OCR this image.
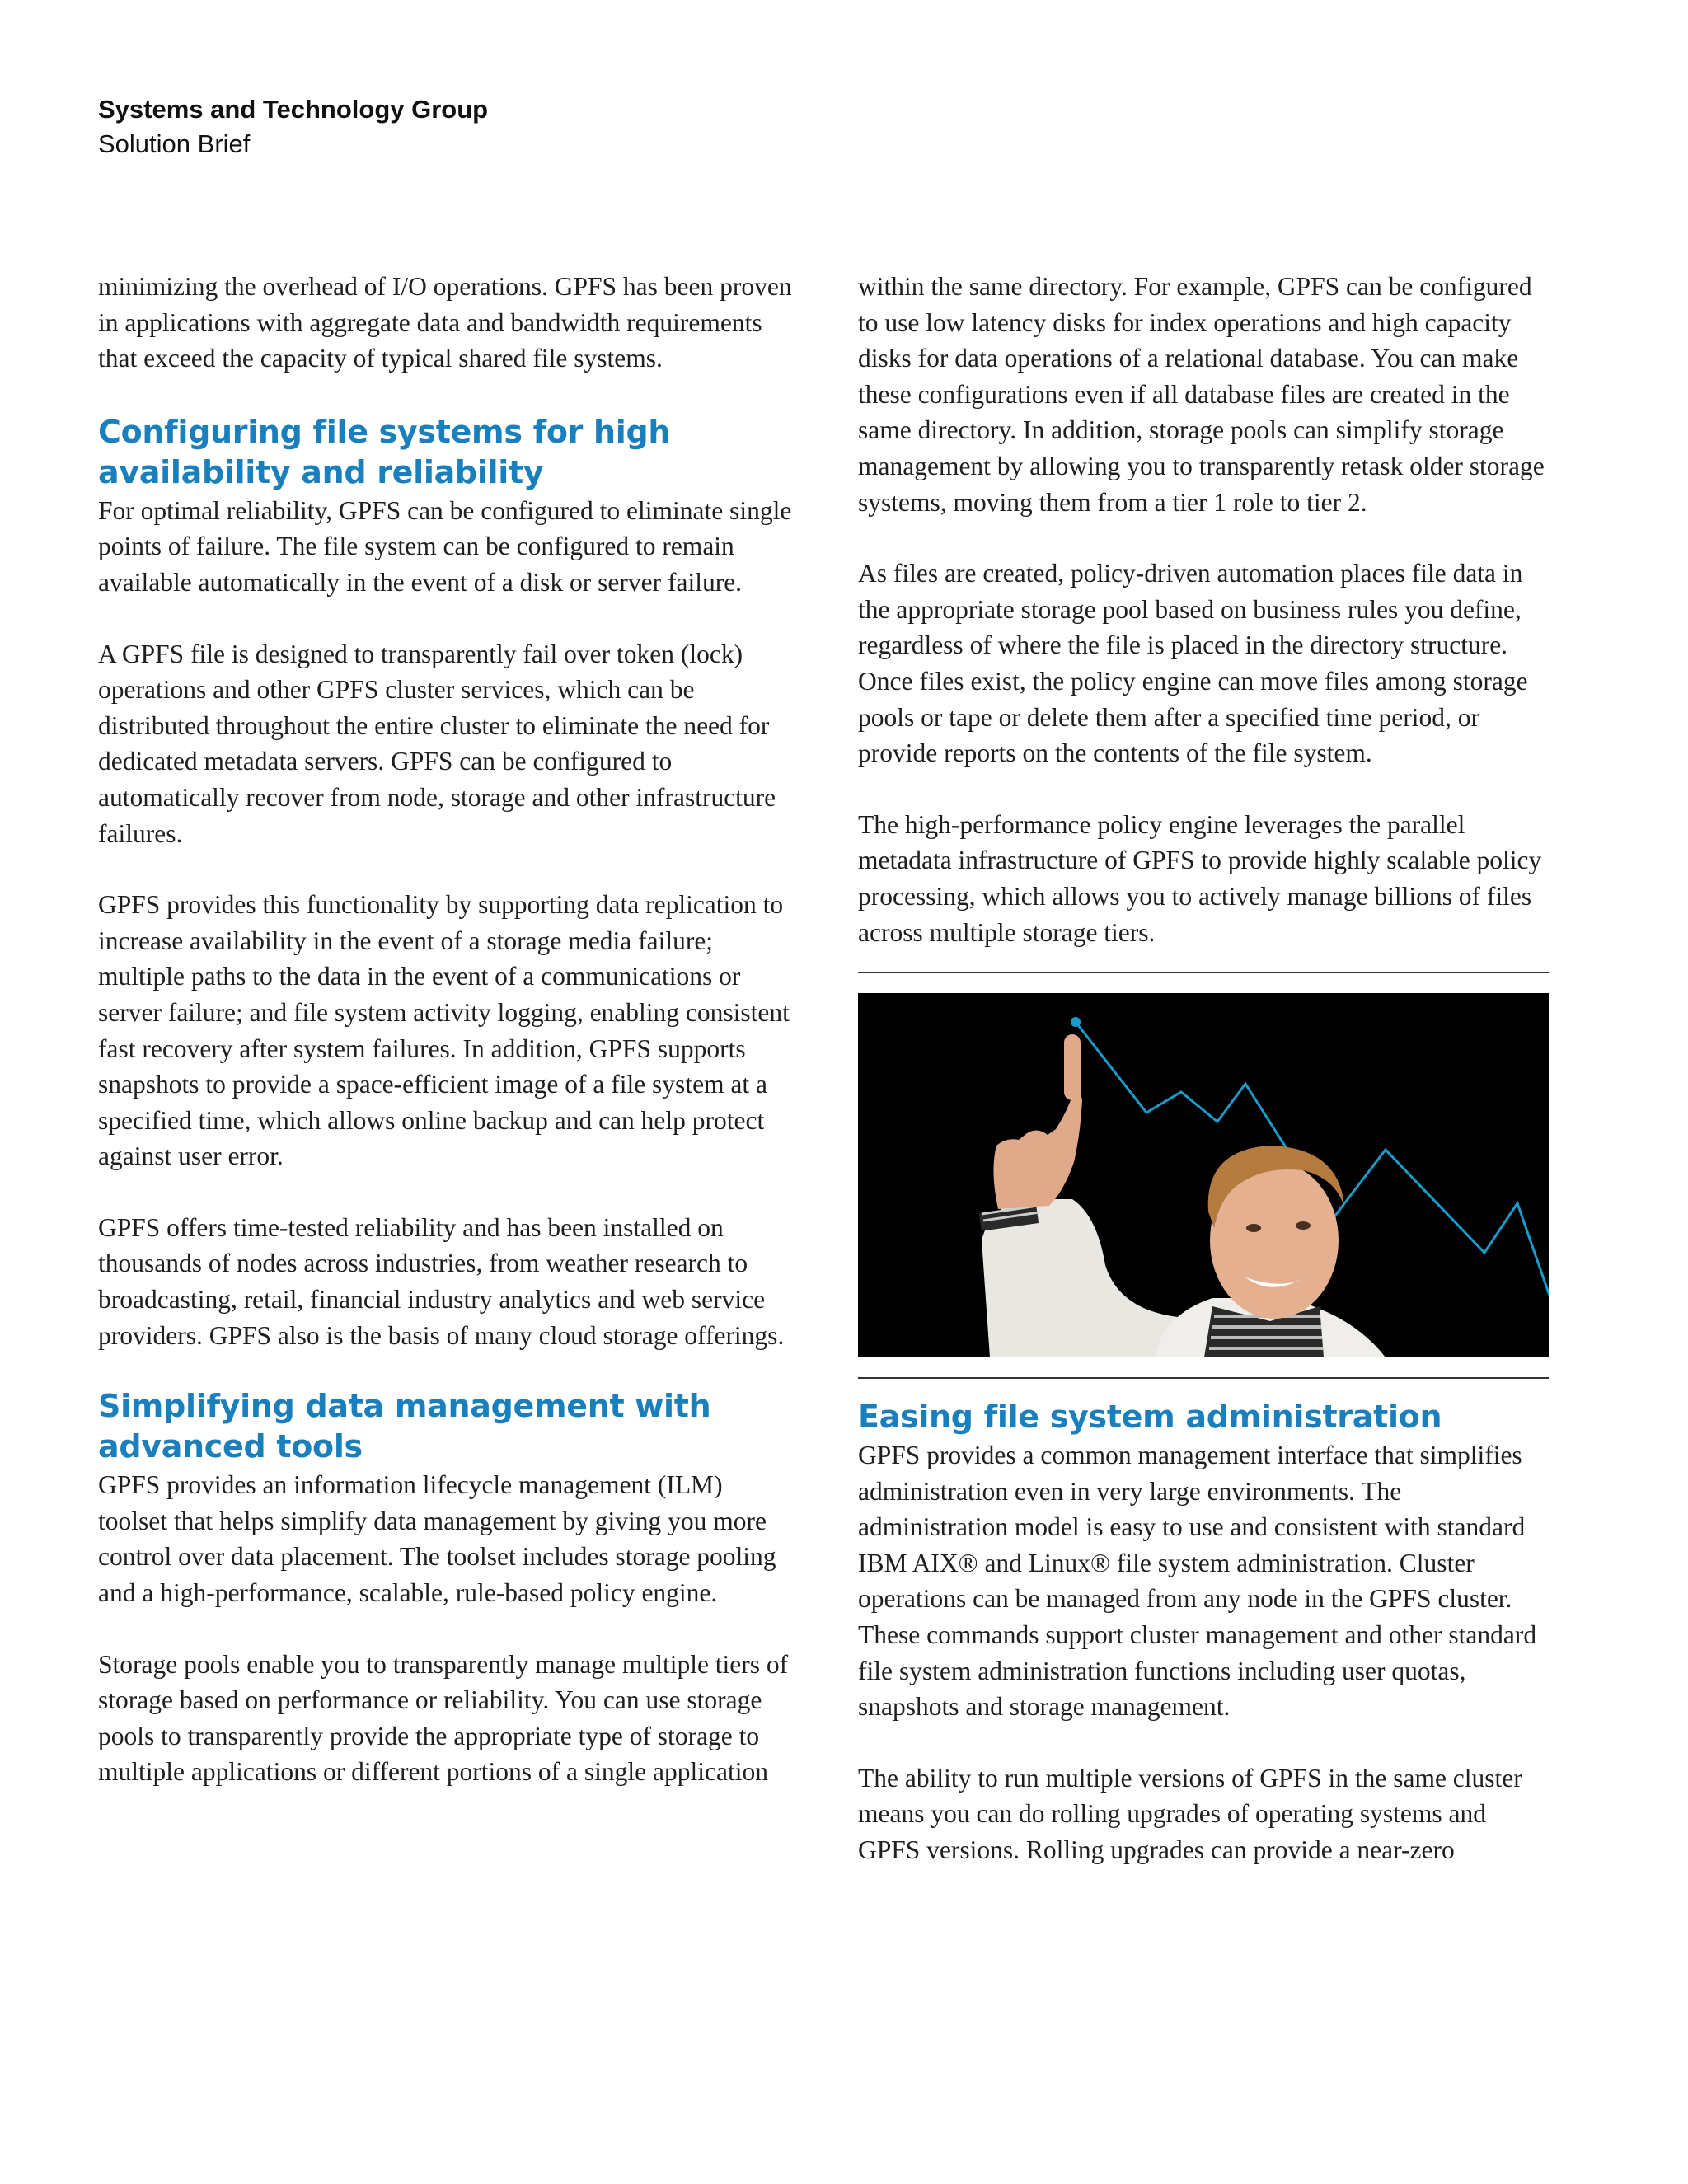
Systems and Technology Group
Solution Brief

minimizing the overhead of I/O operations. GPFS has been proven in applications with aggregate data and bandwidth requirements that exceed the capacity of typical shared file systems.

Configuring file systems for high availability and reliability

For optimal reliability, GPFS can be configured to eliminate single points of failure. The file system can be configured to remain available automatically in the event of a disk or server failure.

A GPFS file is designed to transparently fail over token (lock) operations and other GPFS cluster services, which can be distributed throughout the entire cluster to eliminate the need for dedicated metadata servers. GPFS can be configured to automatically recover from node, storage and other infrastructure failures.

GPFS provides this functionality by supporting data replication to increase availability in the event of a storage media failure; multiple paths to the data in the event of a communications or server failure; and file system activity logging, enabling consistent fast recovery after system failures. In addition, GPFS supports snapshots to provide a space-efficient image of a file system at a specified time, which allows online backup and can help protect against user error.

GPFS offers time-tested reliability and has been installed on thousands of nodes across industries, from weather research to broadcasting, retail, financial industry analytics and web service providers. GPFS also is the basis of many cloud storage offerings.

Simplifying data management with advanced tools

GPFS provides an information lifecycle management (ILM) toolset that helps simplify data management by giving you more control over data placement. The toolset includes storage pooling and a high-performance, scalable, rule-based policy engine.

Storage pools enable you to transparently manage multiple tiers of storage based on performance or reliability. You can use storage pools to transparently provide the appropriate type of storage to multiple applications or different portions of a single application

within the same directory. For example, GPFS can be configured to use low latency disks for index operations and high capacity disks for data operations of a relational database. You can make these configurations even if all database files are created in the same directory. In addition, storage pools can simplify storage management by allowing you to transparently retask older storage systems, moving them from a tier 1 role to tier 2.

As files are created, policy-driven automation places file data in the appropriate storage pool based on business rules you define, regardless of where the file is placed in the directory structure. Once files exist, the policy engine can move files among storage pools or tape or delete them after a specified time period, or provide reports on the contents of the file system.

The high-performance policy engine leverages the parallel metadata infrastructure of GPFS to provide highly scalable policy processing, which allows you to actively manage billions of files across multiple storage tiers.

Easing file system administration

GPFS provides a common management interface that simplifies administration even in very large environments. The administration model is easy to use and consistent with standard IBM AIX® and Linux® file system administration. Cluster operations can be managed from any node in the GPFS cluster. These commands support cluster management and other standard file system administration functions including user quotas, snapshots and storage management.

The ability to run multiple versions of GPFS in the same cluster means you can do rolling upgrades of operating systems and GPFS versions. Rolling upgrades can provide a near-zero
